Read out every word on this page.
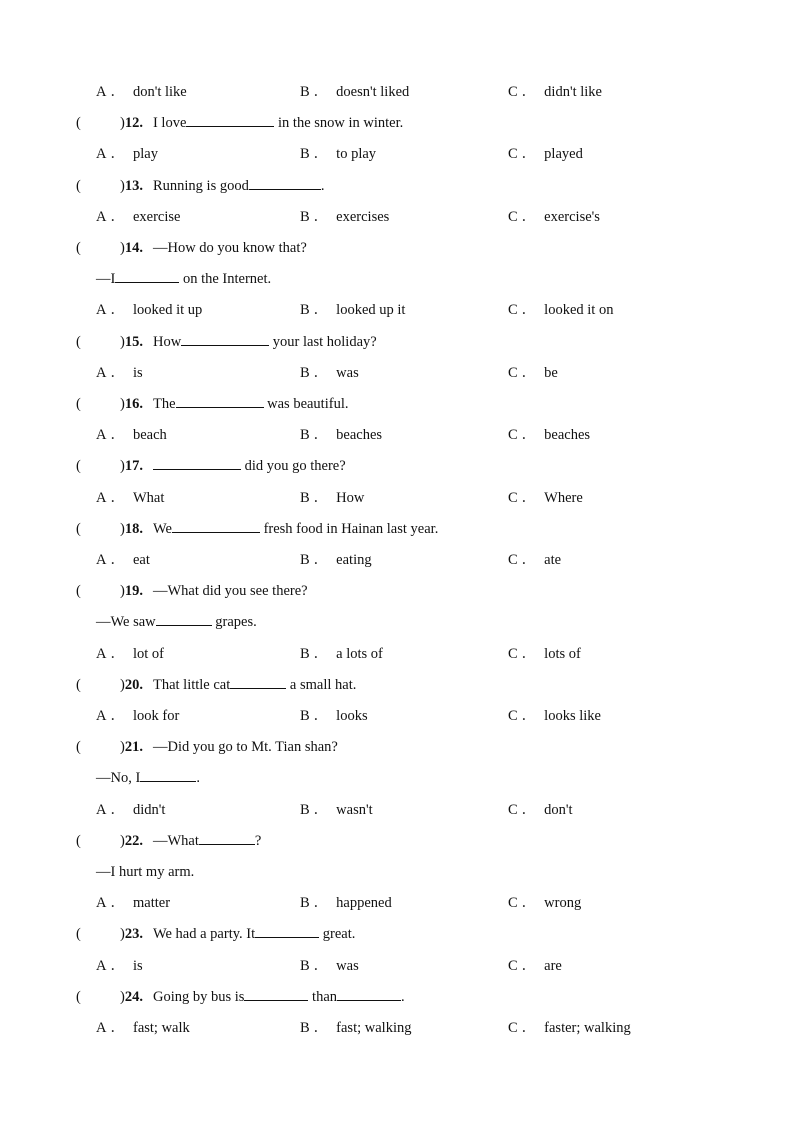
A ． don't like	B ． doesn't liked	C ． didn't like
(	)12. I love	in the snow in winter.
A ． play	B ． to play	C ． played
(	)13. Running is good	.
A ． exercise	B ． exercises	C ． exercise's
(	)14. —How do you know that?
—I	on the Internet.
A ． looked it up	B ． looked up it	C ． looked it on
(	)15. How	your last holiday?
A ． is	B ． was	C ． be
(	)16. The	was beautiful.
A ． beach	B ． beaches	C ． beaches
(	)17.	did you go there?
A ． What	B ． How	C ． Where
(	)18. We	fresh food in Hainan last year.
A ． eat	B ． eating	C ． ate
(	)19. —What did you see there?
—We saw	grapes.
A ． lot of	B ． a lots of	C ． lots of
(	)20. That little cat	a small hat.
A ． look for	B ． looks	C ． looks like
(	)21. —Did you go to Mt. Tian shan?
—No, I	.
A ． didn't	B ． wasn't	C ． don't
(	)22. —What	?
—I hurt my arm.
A ． matter	B ． happened	C ． wrong
(	)23. We had a party. It	great.
A ． is	B ． was	C ． are
(	)24. Going by bus is	than	.
A ． fast; walk	B ． fast; walking	C ． faster; walking
